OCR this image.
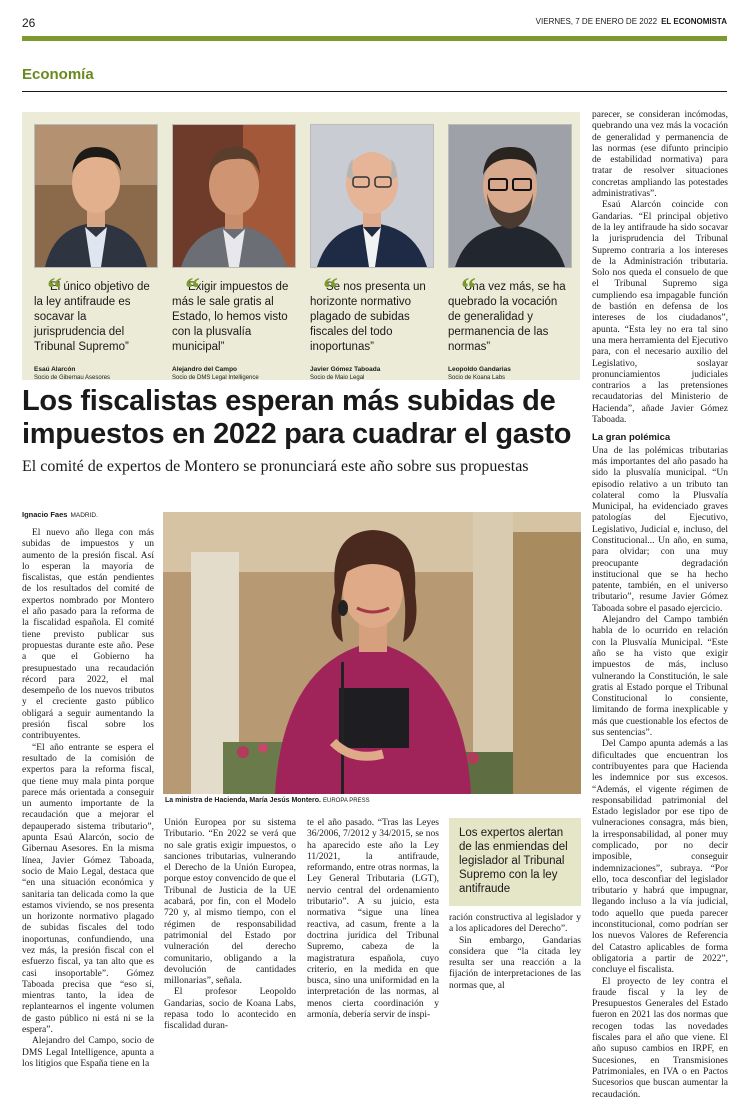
26	VIERNES, 7 DE ENERO DE 2022 EL ECONOMISTA
Economía
“
El único objetivo de la ley antifraude es socavar la jurisprudencia del Tribunal Supremo”
Esaú Alarcón
Socio de Gibernau Asesores
“
Exigir impuestos de más le sale gratis al Estado, lo hemos visto con la plusvalía municipal”
Alejandro del Campo
Socio de DMS Legal Intelligence
“
Se nos presenta un horizonte normativo plagado de subidas fiscales del todo inoportunas”
Javier Gómez Taboada
Socio de Maio Legal
“
Una vez más, se ha quebrado la vocación de generalidad y permanencia de las normas”
Leopoldo Gandarias
Socio de Koana Labs
Los fiscalistas esperan más subidas de impuestos en 2022 para cuadrar el gasto
El comité de expertos de Montero se pronunciará este año sobre sus propuestas
Ignacio Faes MADRID.

El nuevo año llega con más subidas de impuestos y un aumento de la presión fiscal. Así lo esperan la mayoría de fiscalistas, que están pendientes de los resultados del comité de expertos nombrado por Montero el año pasado para la reforma de la fiscalidad española. El comité tiene previsto publicar sus propuestas durante este año. Pese a que el Gobierno ha presupuestado una recaudación récord para 2022, el mal desempeño de los nuevos tributos y el creciente gasto público obligará a seguir aumentando la presión fiscal sobre los contribuyentes.

“El año entrante se espera el resultado de la comisión de expertos para la reforma fiscal, que tiene muy mala pinta porque parece más orientada a conseguir un aumento importante de la recaudación que a mejorar el depauperado sistema tributario”, apunta Esaú Alarcón, socio de Gibernau Asesores. En la misma línea, Javier Gómez Taboada, socio de Maio Legal, destaca que “en una situación económica y sanitaria tan delicada como la que estamos viviendo, se nos presenta un horizonte normativo plagado de subidas fiscales del todo inoportunas, confundiendo, una vez más, la presión fiscal con el esfuerzo fiscal, ya tan alto que es casi insoportable”. Gómez Taboada precisa que “eso sí, mientras tanto, la idea de replantearnos el ingente volumen de gasto público ni está ni se la espera”.

Alejandro del Campo, socio de DMS Legal Intelligence, apunta a los litigios que España tiene en la

La ministra de Hacienda, María Jesús Montero. EUROPA PRESS

Unión Europea por su sistema Tributario. “En 2022 se verá que no sale gratis exigir impuestos, o sanciones tributarias, vulnerando el Derecho de la Unión Europea, porque estoy convencido de que el Tribunal de Justicia de la UE acabará, por fin, con el Modelo 720 y, al mismo tiempo, con el régimen de responsabilidad patrimonial del Estado por vulneración del derecho comunitario, obligando a la devolución de cantidades millonarias”, señala.

El profesor Leopoldo Gandarias, socio de Koana Labs, repasa todo lo acontecido en fiscalidad duran-

te el año pasado. “Tras las Leyes 36/2006, 7/2012 y 34/2015, se nos ha aparecido este año la Ley 11/2021, la antifraude, reformando, entre otras normas, la Ley General Tributaria (LGT), nervio central del ordenamiento tributario”. A su juicio, esta normativa “sigue una línea reactiva, ad casum, frente a la doctrina jurídica del Tribunal Supremo, cabeza de la magistratura española, cuyo criterio, en la medida en que busca, sino una uniformidad en la interpretación de las normas, al menos cierta coordinación y armonía, debería servir de inspi-

Los expertos alertan de las enmiendas del legislador al Tribunal Supremo con la ley antifraude

ración constructiva al legislador y a los aplicadores del Derecho”.

Sin embargo, Gandarias considera que “la citada ley resulta ser una reacción a la fijación de interpretaciones de las normas que, al

parecer, se consideran incómodas, quebrando una vez más la vocación de generalidad y permanencia de las normas (ese difunto principio de estabilidad normativa) para tratar de resolver situaciones concretas ampliando las potestades administrativas”.

Esaú Alarcón coincide con Gandarias. “El principal objetivo de la ley antifraude ha sido socavar la jurisprudencia del Tribunal Supremo contraria a los intereses de la Administración tributaria. Solo nos queda el consuelo de que el Tribunal Supremo siga cumpliendo esa impagable función de bastión en defensa de los intereses de los ciudadanos”, apunta. “Esta ley no era tal sino una mera herramienta del Ejecutivo para, con el necesario auxilio del Legislativo, soslayar pronunciamientos judiciales contrarios a las pretensiones recaudatorias del Ministerio de Hacienda”, añade Javier Gómez Taboada.

La gran polémica

Una de las polémicas tributarias más importantes del año pasado ha sido la plusvalía municipal. “Un episodio relativo a un tributo tan colateral como la Plusvalía Municipal, ha evidenciado graves patologías del Ejecutivo, Legislativo, Judicial e, incluso, del Constitucional... Un año, en suma, para olvidar; con una muy preocupante degradación institucional que se ha hecho patente, también, en el universo tributario”, resume Javier Gómez Taboada sobre el pasado ejercicio.

Alejandro del Campo también habla de lo ocurrido en relación con la Plusvalía Municipal. “Este año se ha visto que exigir impuestos de más, incluso vulnerando la Constitución, le sale gratis al Estado porque el Tribunal Constitucional lo consiente, limitando de forma inexplicable y más que cuestionable los efectos de sus sentencias”.

Del Campo apunta además a las dificultades que encuentran los contribuyentes para que Hacienda les indemnice por sus excesos. “Además, el vigente régimen de responsabilidad patrimonial del Estado legislador por ese tipo de vulneraciones consagra, más bien, la irresponsabilidad, al poner muy complicado, por no decir imposible, conseguir indemnizaciones”, subraya. “Por ello, toca desconfiar del legislador tributario y habrá que impugnar, llegando incluso a la vía judicial, todo aquello que pueda parecer inconstitucional, como podrían ser los nuevos Valores de Referencia del Catastro aplicables de forma obligatoria a partir de 2022”, concluye el fiscalista.

El proyecto de ley contra el fraude fiscal y la ley de Presupuestos Generales del Estado fueron en 2021 las dos normas que recogen todas las novedades fiscales para el año que viene. El año supuso cambios en IRPF, en Sucesiones, en Transmisiones Patrimoniales, en IVA o en Pactos Sucesorios que buscan aumentar la recaudación.
